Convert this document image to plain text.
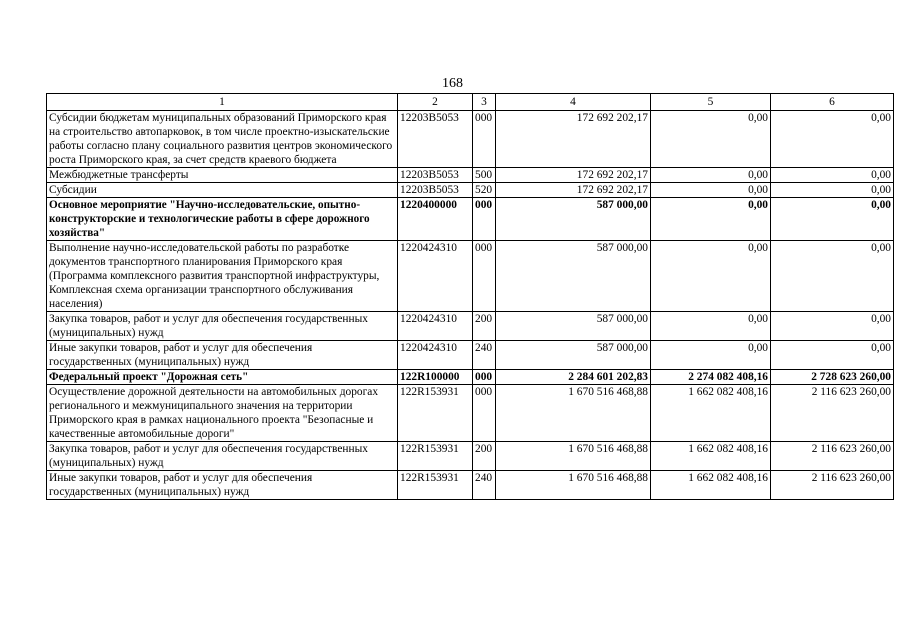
168
1	2	3	4	5	6
Субсидии бюджетам муниципальных образований Приморского края на строительство автопарковок, в том числе проектно-изыскательские работы согласно плану социального развития центров экономического роста Приморского края, за счет средств краевого бюджета	12203B5053	000	172 692 202,17	0,00	0,00
Межбюджетные трансферты	12203B5053	500	172 692 202,17	0,00	0,00
Субсидии	12203B5053	520	172 692 202,17	0,00	0,00
Основное мероприятие "Научно-исследовательские, опытно-конструкторские и технологические работы в сфере дорожного хозяйства"	1220400000	000	587 000,00	0,00	0,00
Выполнение научно-исследовательской работы по разработке документов транспортного планирования Приморского края (Программа комплексного развития транспортной инфраструктуры, Комплексная схема организации транспортного обслуживания населения)	1220424310	000	587 000,00	0,00	0,00
Закупка товаров, работ и услуг для обеспечения государственных (муниципальных) нужд	1220424310	200	587 000,00	0,00	0,00
Иные закупки товаров, работ и услуг для обеспечения государственных (муниципальных) нужд	1220424310	240	587 000,00	0,00	0,00
Федеральный проект "Дорожная сеть"	122R100000	000	2 284 601 202,83	2 274 082 408,16	2 728 623 260,00
Осуществление дорожной деятельности на автомобильных дорогах регионального и межмуниципального значения на территории Приморского края в рамках национального проекта "Безопасные и качественные автомобильные дороги"	122R153931	000	1 670 516 468,88	1 662 082 408,16	2 116 623 260,00
Закупка товаров, работ и услуг для обеспечения государственных (муниципальных) нужд	122R153931	200	1 670 516 468,88	1 662 082 408,16	2 116 623 260,00
Иные закупки товаров, работ и услуг для обеспечения государственных (муниципальных) нужд	122R153931	240	1 670 516 468,88	1 662 082 408,16	2 116 623 260,00
